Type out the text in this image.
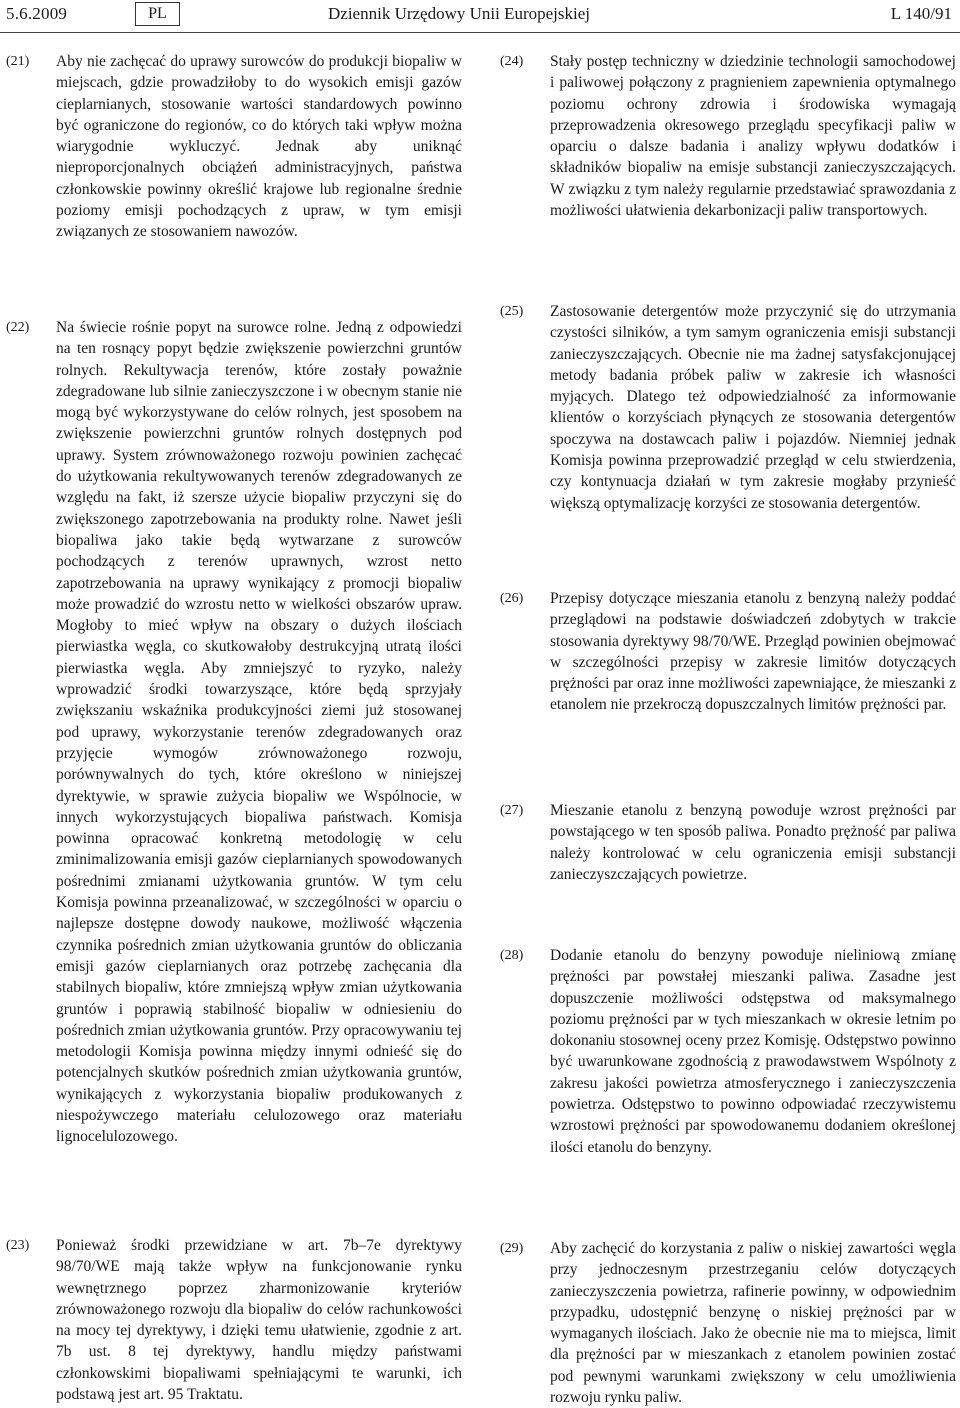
5.6.2009	PL	Dziennik Urzędowy Unii Europejskiej	L 140/91
(21) Aby nie zachęcać do uprawy surowców do produkcji biopaliw w miejscach, gdzie prowadziłoby to do wysokich emisji gazów cieplarnianych, stosowanie wartości standardowych powinno być ograniczone do regionów, co do których taki wpływ można wiarygodnie wykluczyć. Jednak aby uniknąć nieproporcjonalnych obciążeń administracyjnych, państwa członkowskie powinny określić krajowe lub regionalne średnie poziomy emisji pochodzących z upraw, w tym emisji związanych ze stosowaniem nawozów.

(22) Na świecie rośnie popyt na surowce rolne. Jedną z odpowiedzi na ten rosnący popyt będzie zwiększenie powierzchni gruntów rolnych. Rekultywacja terenów, które zostały poważnie zdegradowane lub silnie zanieczyszczone i w obecnym stanie nie mogą być wykorzystywane do celów rolnych, jest sposobem na zwiększenie powierzchni gruntów rolnych dostępnych pod uprawy. System zrównoważonego rozwoju powinien zachęcać do użytkowania rekultywowanych terenów zdegradowanych ze względu na fakt, iż szersze użycie biopaliw przyczyni się do zwiększonego zapotrzebowania na produkty rolne. Nawet jeśli biopaliwa jako takie będą wytwarzane z surowców pochodzących z terenów uprawnych, wzrost netto zapotrzebowania na uprawy wynikający z promocji biopaliw może prowadzić do wzrostu netto w wielkości obszarów upraw. Mogłoby to mieć wpływ na obszary o dużych ilościach pierwiastka węgla, co skutkowałoby destrukcyjną utratą ilości pierwiastka węgla. Aby zmniejszyć to ryzyko, należy wprowadzić środki towarzyszące, które będą sprzyjały zwiększaniu wskaźnika produkcyjności ziemi już stosowanej pod uprawy, wykorzystanie terenów zdegradowanych oraz przyjęcie wymogów zrównoważonego rozwoju, porównywalnych do tych, które określono w niniejszej dyrektywie, w sprawie zużycia biopaliw we Wspólnocie, w innych wykorzystujących biopaliwa państwach. Komisja powinna opracować konkretną metodologię w celu zminimalizowania emisji gazów cieplarnianych spowodowanych pośrednimi zmianami użytkowania gruntów. W tym celu Komisja powinna przeanalizować, w szczególności w oparciu o najlepsze dostępne dowody naukowe, możliwość włączenia czynnika pośrednich zmian użytkowania gruntów do obliczania emisji gazów cieplarnianych oraz potrzebę zachęcania dla stabilnych biopaliw, które zmniejszą wpływ zmian użytkowania gruntów i poprawią stabilność biopaliw w odniesieniu do pośrednich zmian użytkowania gruntów. Przy opracowywaniu tej metodologii Komisja powinna między innymi odnieść się do potencjalnych skutków pośrednich zmian użytkowania gruntów, wynikających z wykorzystania biopaliw produkowanych z niespożywczego materiału celulozowego oraz materiału lignocelulozowego.

(23) Ponieważ środki przewidziane w art. 7b–7e dyrektywy 98/70/WE mają także wpływ na funkcjonowanie rynku wewnętrznego poprzez zharmonizowanie kryteriów zrównoważonego rozwoju dla biopaliw do celów rachunkowości na mocy tej dyrektywy, i dzięki temu ułatwienie, zgodnie z art. 7b ust. 8 tej dyrektywy, handlu między państwami członkowskimi biopaliwami spełniającymi te warunki, ich podstawą jest art. 95 Traktatu.

(24) Stały postęp techniczny w dziedzinie technologii samochodowej i paliwowej połączony z pragnieniem zapewnienia optymalnego poziomu ochrony zdrowia i środowiska wymagają przeprowadzenia okresowego przeglądu specyfikacji paliw w oparciu o dalsze badania i analizy wpływu dodatków i składników biopaliw na emisje substancji zanieczyszczających. W związku z tym należy regularnie przedstawiać sprawozdania z możliwości ułatwienia dekarbonizacji paliw transportowych.

(25) Zastosowanie detergentów może przyczynić się do utrzymania czystości silników, a tym samym ograniczenia emisji substancji zanieczyszczających. Obecnie nie ma żadnej satysfakcjonującej metody badania próbek paliw w zakresie ich własności myjących. Dlatego też odpowiedzialność za informowanie klientów o korzyściach płynących ze stosowania detergentów spoczywa na dostawcach paliw i pojazdów. Niemniej jednak Komisja powinna przeprowadzić przegląd w celu stwierdzenia, czy kontynuacja działań w tym zakresie mogłaby przynieść większą optymalizację korzyści ze stosowania detergentów.

(26) Przepisy dotyczące mieszania etanolu z benzyną należy poddać przeglądowi na podstawie doświadczeń zdobytych w trakcie stosowania dyrektywy 98/70/WE. Przegląd powinien obejmować w szczególności przepisy w zakresie limitów dotyczących prężności par oraz inne możliwości zapewniające, że mieszanki z etanolem nie przekroczą dopuszczalnych limitów prężności par.

(27) Mieszanie etanolu z benzyną powoduje wzrost prężności par powstającego w ten sposób paliwa. Ponadto prężność par paliwa należy kontrolować w celu ograniczenia emisji substancji zanieczyszczających powietrze.

(28) Dodanie etanolu do benzyny powoduje nieliniową zmianę prężności par powstałej mieszanki paliwa. Zasadne jest dopuszczenie możliwości odstępstwa od maksymalnego poziomu prężności par w tych mieszankach w okresie letnim po dokonaniu stosownej oceny przez Komisję. Odstępstwo powinno być uwarunkowane zgodnością z prawodawstwem Wspólnoty z zakresu jakości powietrza atmosferycznego i zanieczyszczenia powietrza. Odstępstwo to powinno odpowiadać rzeczywistemu wzrostowi prężności par spowodowanemu dodaniem określonej ilości etanolu do benzyny.

(29) Aby zachęcić do korzystania z paliw o niskiej zawartości węgla przy jednoczesnym przestrzeganiu celów dotyczących zanieczyszczenia powietrza, rafinerie powinny, w odpowiednim przypadku, udostępnić benzynę o niskiej prężności par w wymaganych ilościach. Jako że obecnie nie ma to miejsca, limit dla prężności par w mieszankach z etanolem powinien zostać pod pewnymi warunkami zwiększony w celu umożliwienia rozwoju rynku paliw.
